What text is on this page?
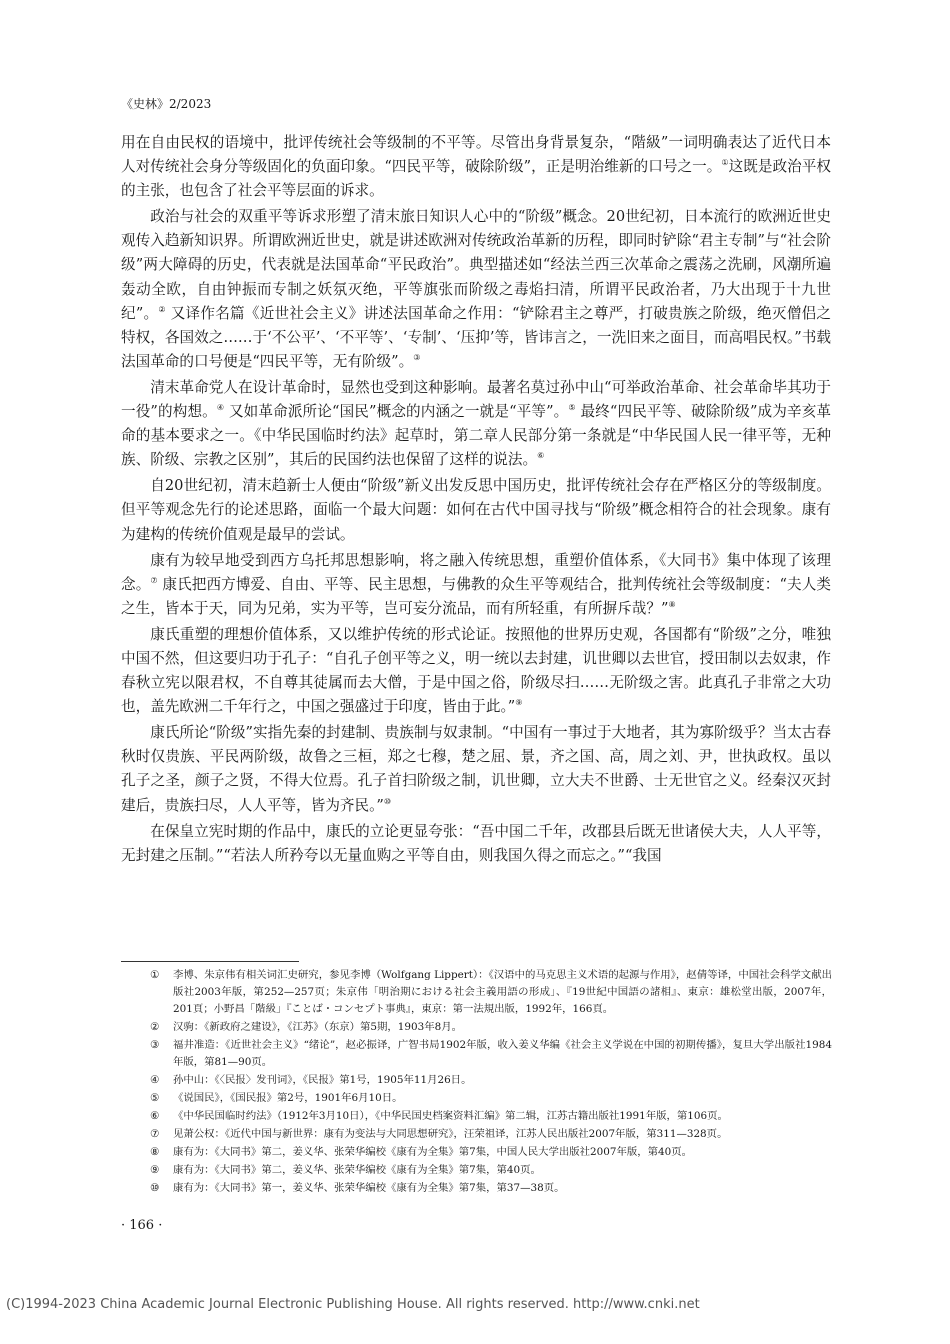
《史林》2/2023

用在自由民权的语境中，批评传统社会等级制的不平等。尽管出身背景复杂，“階級”一词明确表达了近代日本人对传统社会身分等级固化的负面印象。“四民平等，破除阶级”，正是明治维新的口号之一。①这既是政治平权的主张，也包含了社会平等层面的诉求。

政治与社会的双重平等诉求形塑了清末旅日知识人心中的“阶级”概念。20世纪初，日本流行的欧洲近世史观传入趋新知识界。所谓欧洲近世史，就是讲述欧洲对传统政治革新的历程，即同时铲除“君主专制”与“社会阶级”两大障碍的历史，代表就是法国革命“平民政治”。典型描述如“经法兰西三次革命之震荡之洗刷，风潮所遍轰动全欧，自由钟振而专制之妖氛灭绝，平等旗张而阶级之毒焰扫清，所谓平民政治者，乃大出现于十九世纪”。② 又译作名篇《近世社会主义》讲述法国革命之作用：“铲除君主之尊严，打破贵族之阶级，绝灭僧侣之特权，各国效之……于‘不公平’、‘不平等’、‘专制’、‘压抑’等，皆讳言之，一洗旧来之面目，而高唱民权。”书载法国革命的口号便是“四民平等，无有阶级”。③

清末革命党人在设计革命时，显然也受到这种影响。最著名莫过孙中山“可举政治革命、社会革命毕其功于一役”的构想。④ 又如革命派所论“国民”概念的内涵之一就是“平等”。⑤ 最终“四民平等、破除阶级”成为辛亥革命的基本要求之一。《中华民国临时约法》起草时，第二章人民部分第一条就是“中华民国人民一律平等，无种族、阶级、宗教之区别”，其后的民国约法也保留了这样的说法。⑥

自20世纪初，清末趋新士人便由“阶级”新义出发反思中国历史，批评传统社会存在严格区分的等级制度。但平等观念先行的论述思路，面临一个最大问题：如何在古代中国寻找与“阶级”概念相符合的社会现象。康有为建构的传统价值观是最早的尝试。

康有为较早地受到西方乌托邦思想影响，将之融入传统思想，重塑价值体系，《大同书》集中体现了该理念。⑦ 康氏把西方博爱、自由、平等、民主思想，与佛教的众生平等观结合，批判传统社会等级制度：“夫人类之生，皆本于天，同为兄弟，实为平等，岂可妄分流品，而有所轻重，有所摒斥哉？”⑧

康氏重塑的理想价值体系，又以维护传统的形式论证。按照他的世界历史观，各国都有“阶级”之分，唯独中国不然，但这要归功于孔子：“自孔子创平等之义，明一统以去封建，讥世卿以去世官，授田制以去奴隶，作春秋立宪以限君权，不自尊其徒属而去大僧，于是中国之俗，阶级尽扫……无阶级之害。此真孔子非常之大功也，盖先欧洲二千年行之，中国之强盛过于印度，皆由于此。”⑨

康氏所论“阶级”实指先秦的封建制、贵族制与奴隶制。“中国有一事过于大地者，其为寡阶级乎？当太古春秋时仅贵族、平民两阶级，故鲁之三桓，郑之七穆，楚之屈、景，齐之国、高，周之刘、尹，世执政权。虽以孔子之圣，颜子之贤，不得大位焉。孔子首扫阶级之制，讥世卿，立大夫不世爵、士无世官之义。经秦汉灭封建后，贵族扫尽，人人平等，皆为齐民。”⑩

在保皇立宪时期的作品中，康氏的立论更显夸张：“吾中国二千年，改郡县后既无世诸侯大夫，人人平等，无封建之压制。”“若法人所矜夸以无量血购之平等自由，则我国久得之而忘之。”“我国

① 李博、朱京伟有相关词汇史研究，参见李博（Wolfgang Lippert）：《汉语中的马克思主义术语的起源与作用》，赵倩等译，中国社会科学文献出版社2003年版，第252—257页；朱京伟「明治期における社会主義用語の形成」、『19世紀中国語の諸相』、東京：雄松堂出版，2007年，201頁；小野昌「階級」『ことば・コンセプト事典』，東京：第一法規出版，1992年，166頁。
② 汉驹：《新政府之建设》，《江苏》（东京）第5期，1903年8月。
③ 福井准造：《近世社会主义》“绪论”，赵必振译，广智书局1902年版，收入姜义华编《社会主义学说在中国的初期传播》，复旦大学出版社1984年版，第81—90页。
④ 孙中山：《〈民报〉发刊词》，《民报》第1号，1905年11月26日。
⑤ 《说国民》，《国民报》第2号，1901年6月10日。
⑥ 《中华民国临时约法》（1912年3月10日），《中华民国史档案资料汇编》第二辑，江苏古籍出版社1991年版，第106页。
⑦ 见萧公权：《近代中国与新世界：康有为变法与大同思想研究》，汪荣祖译，江苏人民出版社2007年版，第311—328页。
⑧ 康有为：《大同书》第二，姜义华、张荣华编校《康有为全集》第7集，中国人民大学出版社2007年版，第40页。
⑨ 康有为：《大同书》第二，姜义华、张荣华编校《康有为全集》第7集，第40页。
⑩ 康有为：《大同书》第一，姜义华、张荣华编校《康有为全集》第7集，第37—38页。
· 166 ·
(C)1994-2023 China Academic Journal Electronic Publishing House. All rights reserved. http://www.cnki.net
